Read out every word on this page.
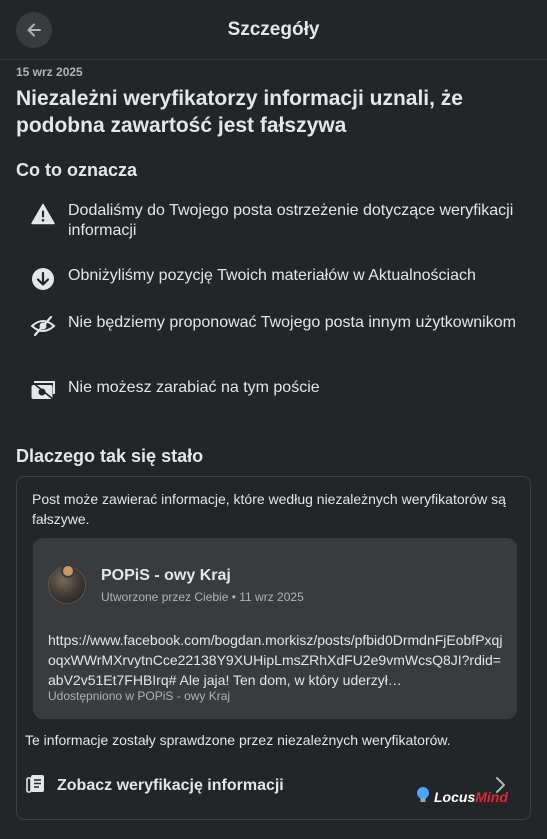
Szczegóły
15 wrz 2025
Niezależni weryfikatorzy informacji uznali, że podobna zawartość jest fałszywa
Co to oznacza
Dodaliśmy do Twojego posta ostrzeżenie dotyczące weryfikacji informacji
Obniżyliśmy pozycję Twoich materiałów w Aktualnościach
Nie będziemy proponować Twojego posta innym użytkownikom
Nie możesz zarabiać na tym poście
Dlaczego tak się stało
Post może zawierać informacje, które według niezależnych weryfikatorów są fałszywe.
POPiS - owy Kraj
Utworzone przez Ciebie • 11 wrz 2025
https://www.facebook.com/bogdan.morkisz/posts/pfbid0DrmdnFjEobfPxqjoqxWWrMXrvytnCce22138Y9XUHipLmsZRhXdFU2e9vmWcsQ8JI?rdid=abV2v51Et7FHBIrq# Ale jaja! Ten dom, w który uderzył…
Udostępniono w POPiS - owy Kraj
Te informacje zostały sprawdzone przez niezależnych weryfikatorów.
Zobacz weryfikację informacji
Locus Mind
